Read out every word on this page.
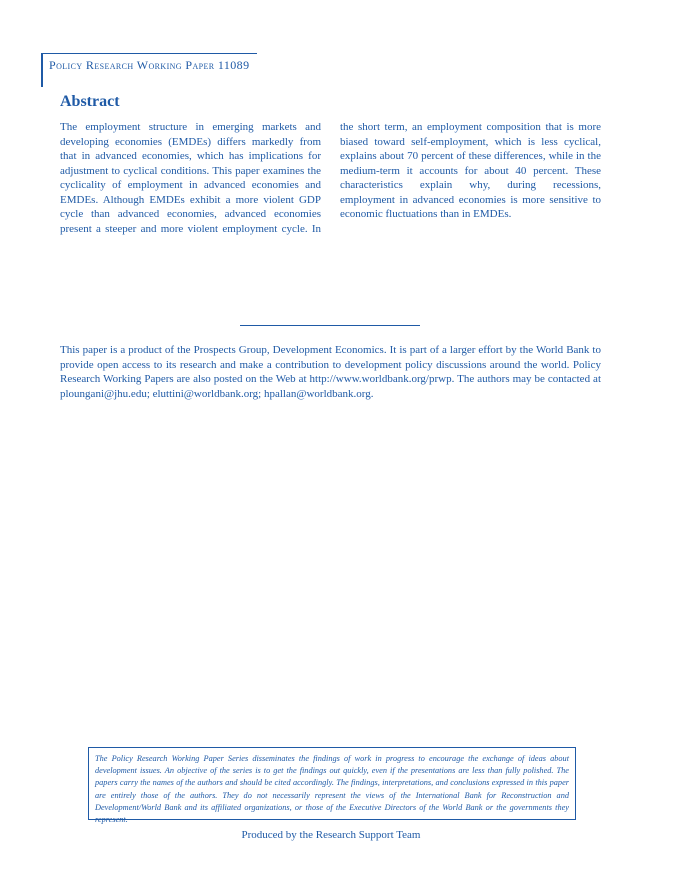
Policy Research Working Paper 11089
Abstract

The employment structure in emerging markets and developing economies (EMDEs) differs markedly from that in advanced economies, which has implications for adjustment to cyclical conditions. This paper examines the cyclicality of employment in advanced economies and EMDEs. Although EMDEs exhibit a more violent GDP cycle than advanced economies, advanced economies present a steeper and more violent employment cycle. In the short term, an employment composition that is more biased toward self-employment, which is less cyclical, explains about 70 percent of these differences, while in the medium-term it accounts for about 40 percent. These characteristics explain why, during recessions, employment in advanced economies is more sensitive to economic fluctuations than in EMDEs.

This paper is a product of the Prospects Group, Development Economics. It is part of a larger effort by the World Bank to provide open access to its research and make a contribution to development policy discussions around the world. Policy Research Working Papers are also posted on the Web at http://www.worldbank.org/prwp. The authors may be contacted at ploungani@jhu.edu; eluttini@worldbank.org; hpallan@worldbank.org.

The Policy Research Working Paper Series disseminates the findings of work in progress to encourage the exchange of ideas about development issues. An objective of the series is to get the findings out quickly, even if the presentations are less than fully polished. The papers carry the names of the authors and should be cited accordingly. The findings, interpretations, and conclusions expressed in this paper are entirely those of the authors. They do not necessarily represent the views of the International Bank for Reconstruction and Development/World Bank and its affiliated organizations, or those of the Executive Directors of the World Bank or the governments they represent.

Produced by the Research Support Team
